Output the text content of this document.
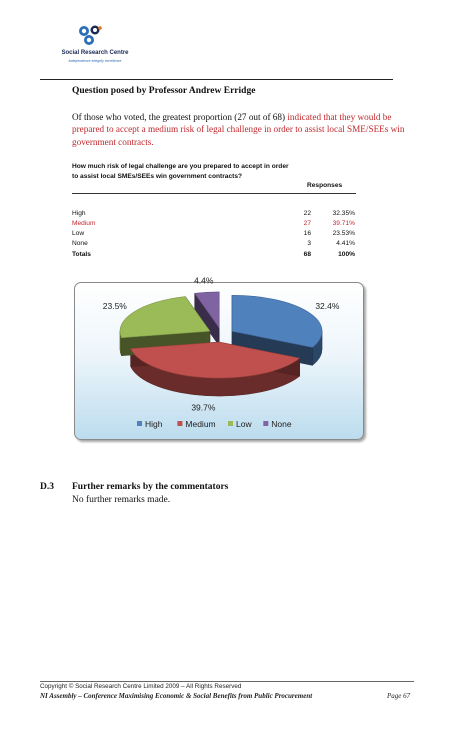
Social Research Centre
independence integrity excellence
Question posed by Professor Andrew Erridge
Of those who voted, the greatest proportion (27 out of 68) indicated that they would be prepared to accept a medium risk of legal challenge in order to assist local SME/SEEs win government contracts.
How much risk of legal challenge are you prepared to accept in order to assist local SMEs/SEEs win government contracts?
Responses
High	22	32.35%
Medium	27	39.71%
Low	16	23.53%
None	3	4.41%
Totals	68	100%
32.4%
39.7%
23.5%
4.4%
High	Medium Low None
D.3 Further remarks by the commentators
No further remarks made.
Copyright © Social Research Centre Limited 2009 – All Rights Reserved
NI Assembly – Conference Maximising Economic & Social Benefits from Public Procurement	Page 67
